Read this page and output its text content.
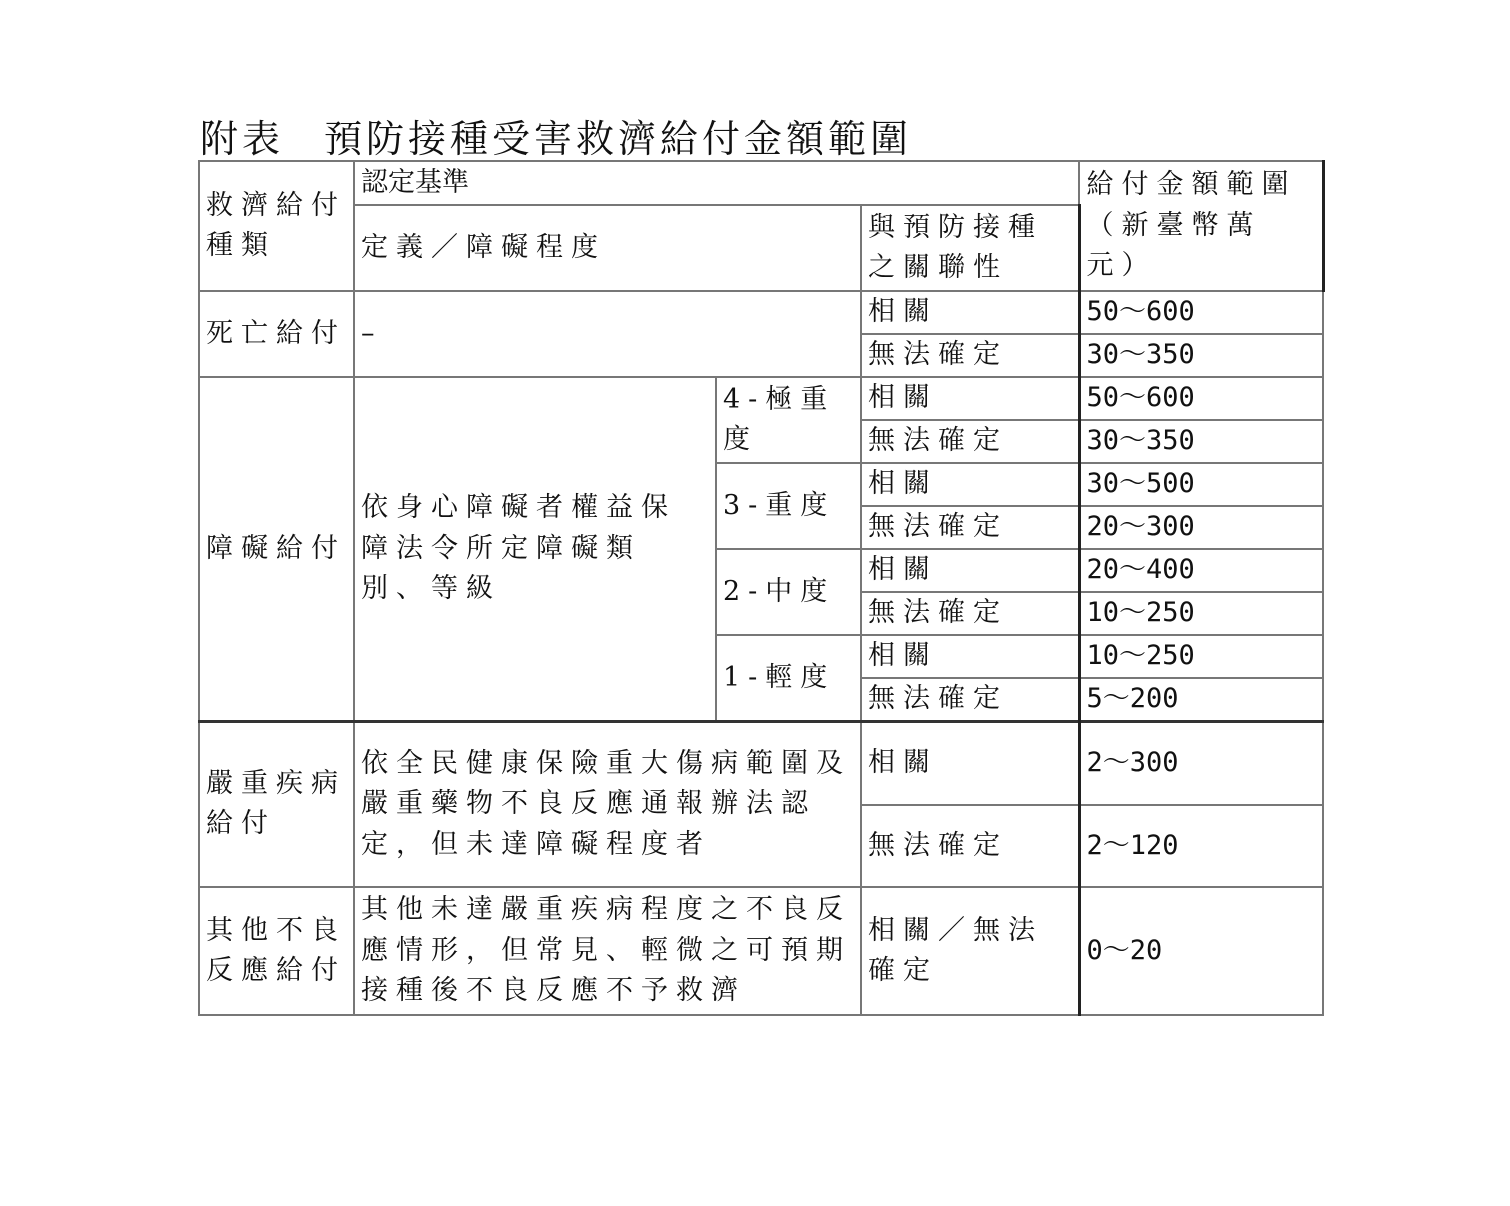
附表 預防接種受害救濟給付金額範圍
救濟給付種類	認定基準			給付金額範圍（新臺幣萬元）
	定義／障礙程度		與預防接種之關聯性	
死亡給付	–		相關	50～600
			無法確定	30～350
障礙給付	依身心障礙者權益保障法令所定障礙類別、等級	4-極重度	相關	50～600
			無法確定	30～350
		3-重度	相關	30～500
			無法確定	20～300
		2-中度	相關	20～400
			無法確定	10～250
		1-輕度	相關	10～250
			無法確定	5～200
嚴重疾病給付	依全民健康保險重大傷病範圍及嚴重藥物不良反應通報辦法認定，但未達障礙程度者		相關	2～300
			無法確定	2～120
其他不良反應給付	其他未達嚴重疾病程度之不良反應情形，但常見、輕微之可預期接種後不良反應不予救濟		相關／無法確定	0～20
